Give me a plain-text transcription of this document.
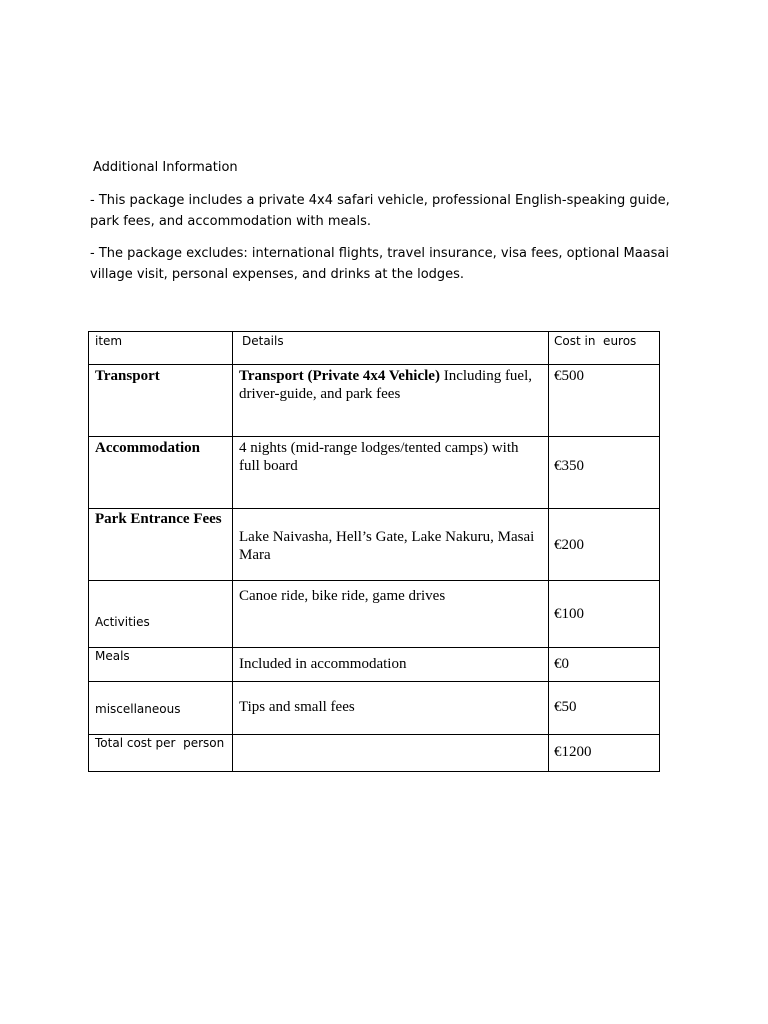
Additional Information
- This package includes a private 4x4 safari vehicle, professional English-speaking guide, park fees, and accommodation with meals.
- The package excludes: international flights, travel insurance, visa fees, optional Maasai village visit, personal expenses, and drinks at the lodges.
item	Details	Cost in  euros

Transport	Transport (Private 4x4 Vehicle) Including fuel, driver-guide, and park fees	€500

Accommodation	4 nights (mid-range lodges/tented camps) with full board	€350

Park Entrance Fees	Lake Naivasha, Hell’s Gate, Lake Nakuru, Masai Mara	€200

Activities	Canoe ride, bike ride, game drives	€100

Meals	Included in accommodation	€0

miscellaneous	Tips and small fees	€50

Total cost per  person		€1200
